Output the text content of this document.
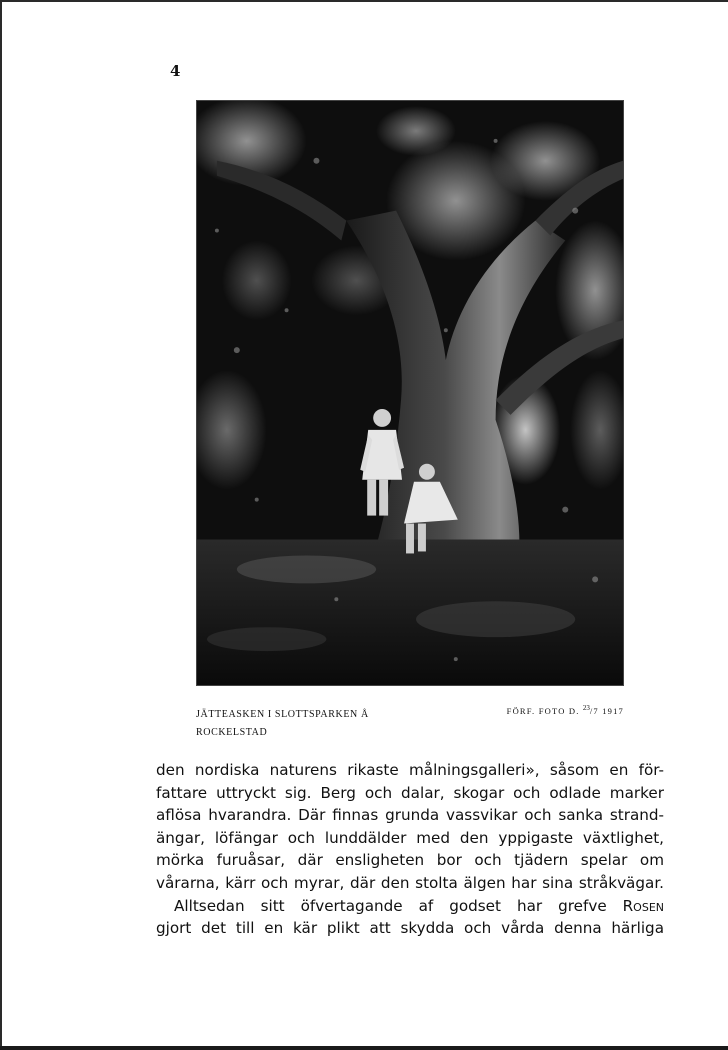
4
JÄTTEASKEN I SLOTTSPARKEN Å
ROCKELSTAD
FÖRF. FOTO D. $^{23}$/7 1917
den nordiska naturens rikaste målningsgalleri», såsom en för-
fattare uttryckt sig. Berg och dalar, skogar och odlade marker
aflösa hvarandra. Där finnas grunda vassvikar och sanka strand-
ängar, löfängar och lunddälder med den yppigaste växtlighet,
mörka furuåsar, där ensligheten bor och tjädern spelar om
vårarna, kärr och myrar, där den stolta älgen har sina stråkvägar.
Alltsedan sitt öfvertagande af godset har grefve Rosen
gjort det till en kär plikt att skydda och vårda denna härliga
